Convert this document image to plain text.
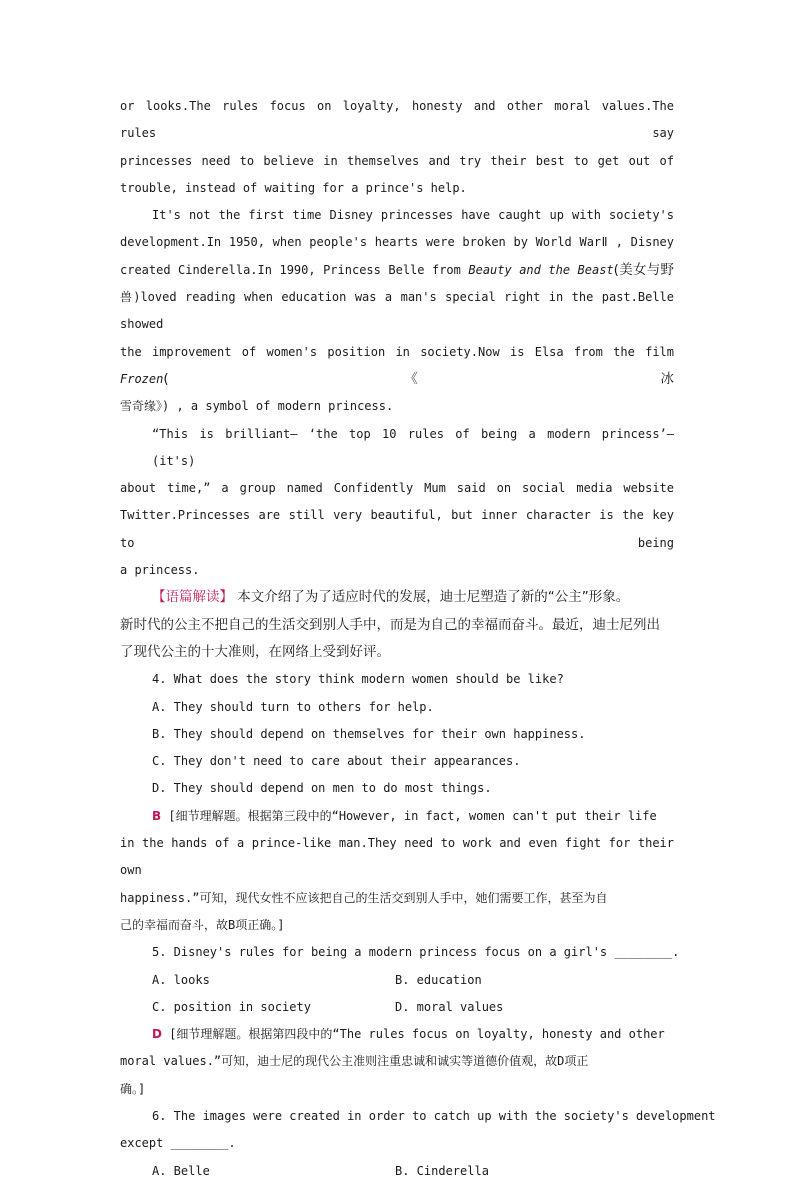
or looks.The rules focus on loyalty, honesty and other moral values.The rules say
princesses need to believe in themselves and try their best to get out of
trouble, instead of waiting for a prince's help.
It's not the first time Disney princesses have caught up with society's
development.In 1950, when people's hearts were broken by World WarⅡ , Disney
created Cinderella.In 1990, Princess Belle from Beauty and the Beast(美女与野
兽)loved reading when education was a man's special right in the past.Belle showed
the improvement of women's position in society.Now is Elsa from the film Frozen(《冰
雪奇缘》) , a symbol of modern princess.
“This is brilliant— ‘the top 10 rules of being a modern princess’— (it's)
about time,” a group named Confidently Mum said on social media website
Twitter.Princesses are still very beautiful, but inner character is the key to being
a princess.
【语篇解读】 本文介绍了为了适应时代的发展，迪士尼塑造了新的“公主”形象。
新时代的公主不把自己的生活交到别人手中，而是为自己的幸福而奋斗。最近，迪士尼列出
了现代公主的十大准则，在网络上受到好评。
4. What does the story think modern women should be like?
A. They should turn to others for help.
B. They should depend on themselves for their own happiness.
C. They don't need to care about their appearances.
D. They should depend on men to do most things.
B [细节理解题。根据第三段中的“However, in fact, women can't put their life
in the hands of a prince-like man.They need to work and even fight for their own
happiness.”可知，现代女性不应该把自己的生活交到别人手中，她们需要工作，甚至为自
己的幸福而奋斗，故B项正确。]
5. Disney's rules for being a modern princess focus on a girl's ________.
A. looks	B. education
C. position in society	D. moral values
D [细节理解题。根据第四段中的“The rules focus on loyalty, honesty and other
moral values.”可知，迪士尼的现代公主准则注重忠诚和诚实等道德价值观，故D项正
确。]
6. The images were created in order to catch up with the society's development
except ________.
A. Belle	B. Cinderella
